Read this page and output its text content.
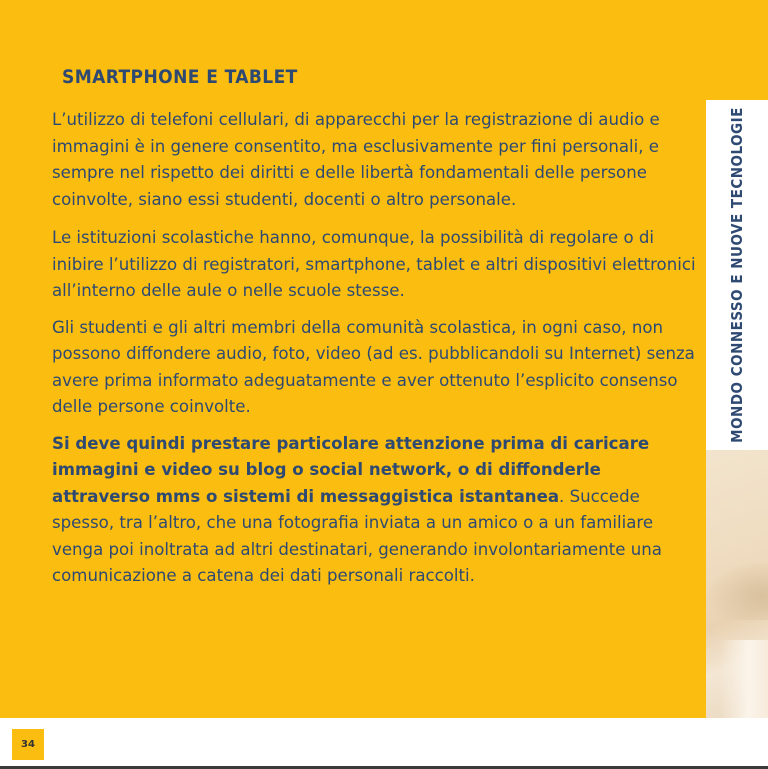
MONDO CONNESSO E NUOVE TECNOLOGIE
SMARTPHONE E TABLET

L’utilizzo di telefoni cellulari, di apparecchi per la registrazione di audio e immagini è in genere consentito, ma esclusivamente per fini personali, e sempre nel rispetto dei diritti e delle libertà fondamentali delle persone coinvolte, siano essi studenti, docenti o altro personale.

Le istituzioni scolastiche hanno, comunque, la possibilità di regolare o di inibire l’utilizzo di registratori, smartphone, tablet e altri dispositivi elettronici all’interno delle aule o nelle scuole stesse.

Gli studenti e gli altri membri della comunità scolastica, in ogni caso, non possono diffondere audio, foto, video (ad es. pubblicandoli su Internet) senza avere prima informato adeguatamente e aver ottenuto l’esplicito consenso delle persone coinvolte.

Si deve quindi prestare particolare attenzione prima di caricare immagini e video su blog o social network, o di diffonderle attraverso mms o sistemi di messaggistica istantanea. Succede spesso, tra l’altro, che una fotografia inviata a un amico o a un familiare venga poi inoltrata ad altri destinatari, generando involontariamente una comunicazione a catena dei dati personali raccolti.

34
